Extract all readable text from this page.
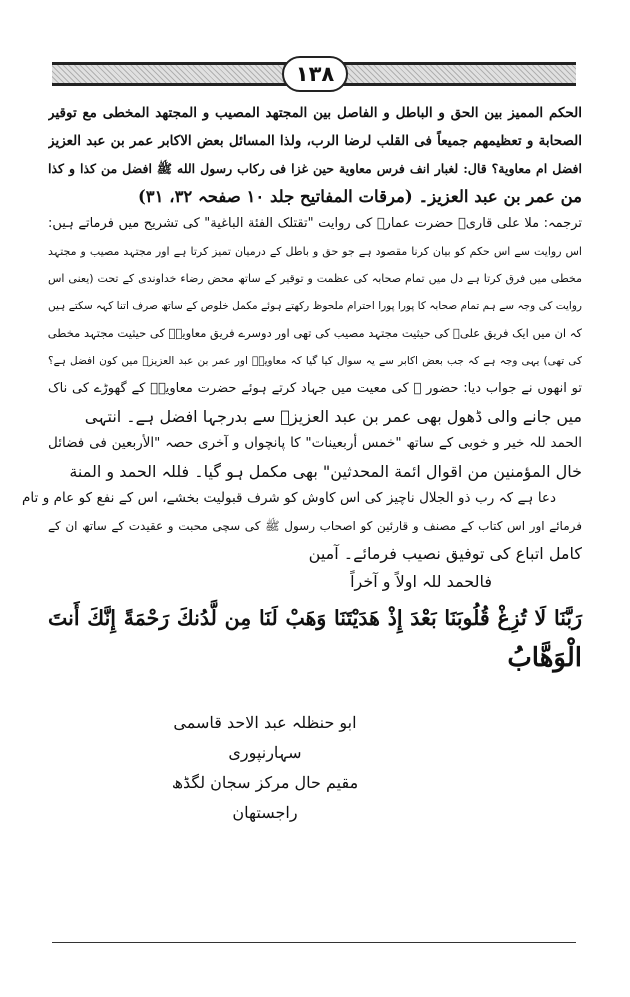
۱۳۸
الحکم الممیز بین الحق و الباطل و الفاصل بین المجتهد المصیب و المجتهد المخطی مع توقیر
الصحابة و تعظیمهم جمیعاً فی القلب لرضا الرب، ولذا المسائل بعض الاکابر عمر بن عبد العزیز
افضل ام معاویة؟ قال: لغبار انف فرس معاویة حین غزا فی رکاب رسول الله ﷺ افضل من کذا و کذا
من عمر بن عبد العزیز۔ (مرقات المفاتیح جلد ۱۰ صفحہ ۳۲، ۳۱)
ترجمہ: ملا علی قاریؒ حضرت عمارؓ کی روایت "تقتلک الفئة الباغیة" کی تشریح میں فرماتے ہیں:
اس روایت سے اس حکم کو بیان کرنا مقصود ہے جو حق و باطل کے درمیان تمیز کرتا ہے اور مجتہد مصیب و مجتہد
مخطی میں فرق کرتا ہے دل میں تمام صحابہ کی عظمت و توقیر کے ساتھ محض رضاء خداوندی کے تحت (یعنی اس
روایت کی وجہ سے ہم تمام صحابہ کا پورا پورا احترام ملحوظ رکھتے ہوئے مکمل خلوص کے ساتھ صرف اتنا کہہ سکتے ہیں
کہ ان میں ایک فریق علیؓ کی حیثیت مجتہد مصیب کی تھی اور دوسرے فریق معاویہؓ کی حیثیت مجتہد مخطی
کی تھی) یہی وجہ ہے کہ جب بعض اکابر سے یہ سوال کیا گیا کہ معاویہؓ اور عمر بن عبد العزیزؒ میں کون افضل ہے؟
تو انھوں نے جواب دیا: حضور ﷺ کی معیت میں جہاد کرتے ہوئے حضرت معاویہؓ کے گھوڑے کی ناک
میں جانے والی ڈھول بھی عمر بن عبد العزیزؒ سے بدرجہا افضل ہے۔ انتہی
الحمد للہ خیر و خوبی کے ساتھ "خمس أربعینات" کا پانچواں و آخری حصہ "الأربعین فی فضائل
خال المؤمنین من اقوال ائمة المحدثین" بھی مکمل ہو گیا۔ فللہ الحمد و المنة
دعا ہے کہ رب ذو الجلال ناچیز کی اس کاوش کو شرف قبولیت بخشے، اس کے نفع کو عام و تام
فرمائے اور اس کتاب کے مصنف و قارئین کو اصحاب رسول ﷺ کی سچی محبت و عقیدت کے ساتھ ان کے
کامل اتباع کی توفیق نصیب فرمائے۔ آمین
فالحمد للہ اولاً و آخراً
رَبَّنَا لَا تُزِغْ قُلُوبَنَا بَعْدَ إِذْ هَدَيْتَنَا وَهَبْ لَنَا مِن لَّدُنكَ رَحْمَةً إِنَّكَ أَنتَ
الْوَهَّابُ
ابو حنظلہ عبد الاحد قاسمی سہارنپوری
مقیم حال مرکز سجان لگڈھ راجستھان
